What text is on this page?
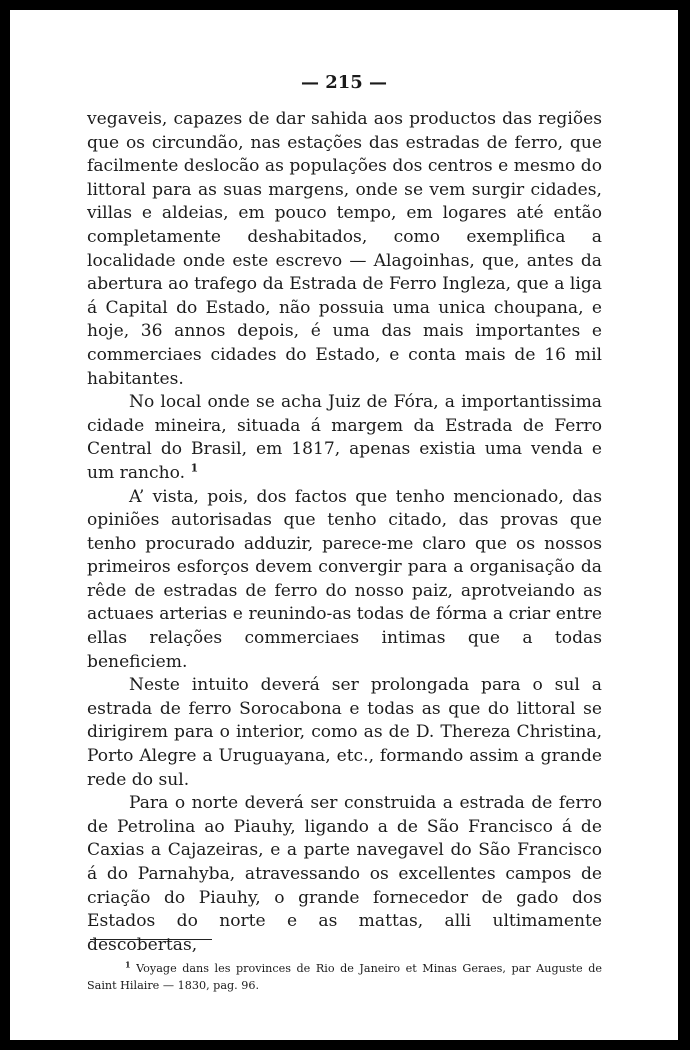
— 215 —

vegaveis, capazes de dar sahida aos productos das regiões que os circundão, nas estações das estradas de ferro, que facilmente deslocão as populações dos centros e mesmo do littoral para as suas margens, onde se vem surgir cidades, villas e aldeias, em pouco tempo, em logares até então completamente deshabitados, como exemplifica a localidade onde este escrevo — Alagoinhas, que, antes da abertura ao trafego da Estrada de Ferro Ingleza, que a liga á Capital do Estado, não possuia uma unica choupana, e hoje, 36 annos depois, é uma das mais importantes e commerciaes cidades do Estado, e conta mais de 16 mil habitantes.

No local onde se acha Juiz de Fóra, a importantissima cidade mineira, situada á margem da Estrada de Ferro Central do Brasil, em 1817, apenas existia uma venda e um rancho. $^1$

A’ vista, pois, dos factos que tenho mencionado, das opiniões autorisadas que tenho citado, das provas que tenho procurado adduzir, parece-me claro que os nossos primeiros esforços devem convergir para a organisação da rêde de estradas de ferro do nosso paiz, aprotveiando as actuaes arterias e reunindo-as todas de fórma a criar entre ellas relações commerciaes intimas que a todas beneficiem.

Neste intuito deverá ser prolongada para o sul a estrada de ferro Sorocabona e todas as que do littoral se dirigirem para o interior, como as de D. Thereza Christina, Porto Alegre a Uruguayana, etc., formando assim a grande rede do sul.

Para o norte deverá ser construida a estrada de ferro de Petrolina ao Piauhy, ligando a de São Francisco á de Caxias a Cajazeiras, e a parte navegavel do São Francisco á do Parnahyba, atravessando os excellentes campos de criação do Piauhy, o grande fornecedor de gado dos Estados do norte e as mattas, alli ultimamente descobertas,

$^1$ Voyage dans les provinces de Rio de Janeiro et Minas Geraes, par Auguste de Saint Hilaire — 1830, pag. 96.
